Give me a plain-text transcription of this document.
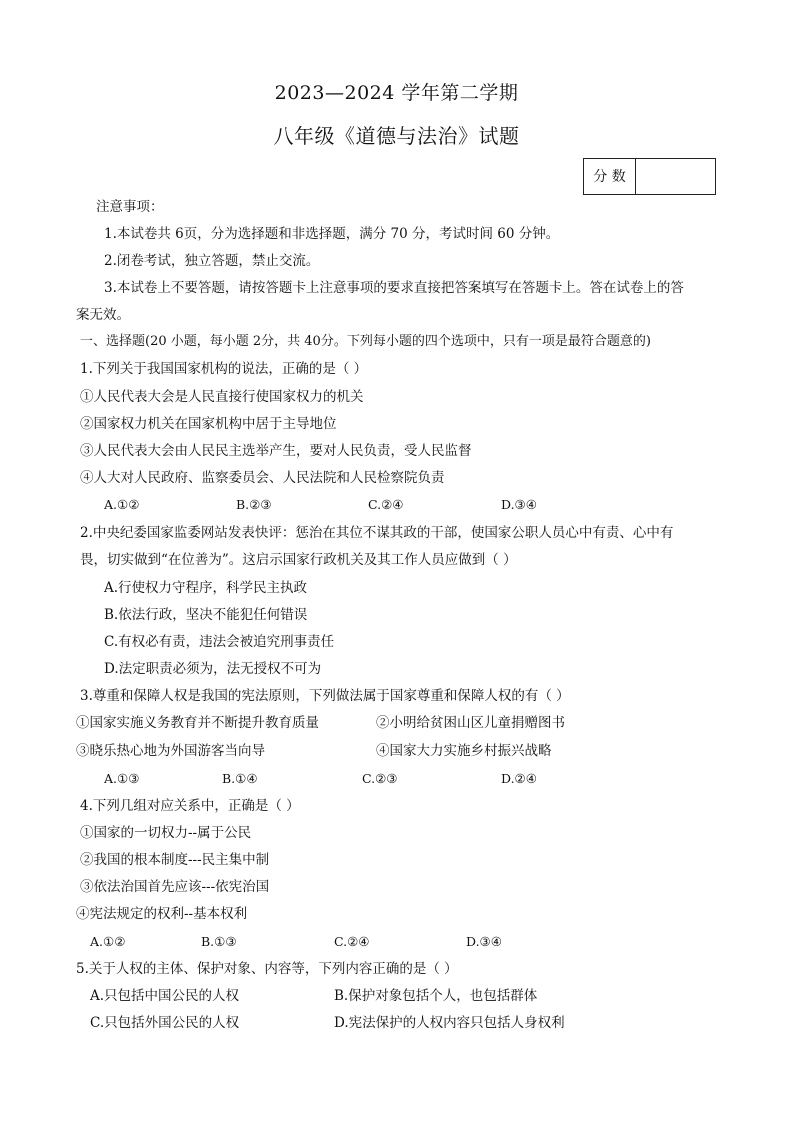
2023—2024 学年第二学期
八年级《道德与法治》试题
分 数
注意事项：
1.本试卷共 6页，分为选择题和非选择题，满分 70 分，考试时间 60 分钟。
2.闭卷考试，独立答题，禁止交流。
3.本试卷上不要答题，请按答题卡上注意事项的要求直接把答案填写在答题卡上。答在试卷上的答
案无效。
一、选择题(20 小题，每小题 2分，共 40分。下列每小题的四个选项中，只有一项是最符合题意的)
1.下列关于我国国家机构的说法，正确的是（ ）
①人民代表大会是人民直接行使国家权力的机关
②国家权力机关在国家机构中居于主导地位
③人民代表大会由人民民主选举产生，要对人民负责，受人民监督
④人大对人民政府、监察委员会、人民法院和人民检察院负责
A.①②	B.②③	C.②④	D.③④
2.中央纪委国家监委网站发表快评：惩治在其位不谋其政的干部，使国家公职人员心中有责、心中有
畏，切实做到“在位善为”。这启示国家行政机关及其工作人员应做到（ ）
A.行使权力守程序，科学民主执政
B.依法行政，坚决不能犯任何错误
C.有权必有责，违法会被追究刑事责任
D.法定职责必须为，法无授权不可为
3.尊重和保障人权是我国的宪法原则，下列做法属于国家尊重和保障人权的有（ ）
①国家实施义务教育并不断提升教育质量	②小明给贫困山区儿童捐赠图书
③晓乐热心地为外国游客当向导	④国家大力实施乡村振兴战略
A.①③	B.①④	C.②③	D.②④
4.下列几组对应关系中，正确是（ ）
①国家的一切权力--属于公民
②我国的根本制度---民主集中制
③依法治国首先应该---依宪治国
④宪法规定的权利--基本权利
A.①②	B.①③	C.②④	D.③④
5.关于人权的主体、保护对象、内容等，下列内容正确的是（ ）
A.只包括中国公民的人权	B.保护对象包括个人，也包括群体
C.只包括外国公民的人权	D.宪法保护的人权内容只包括人身权利
